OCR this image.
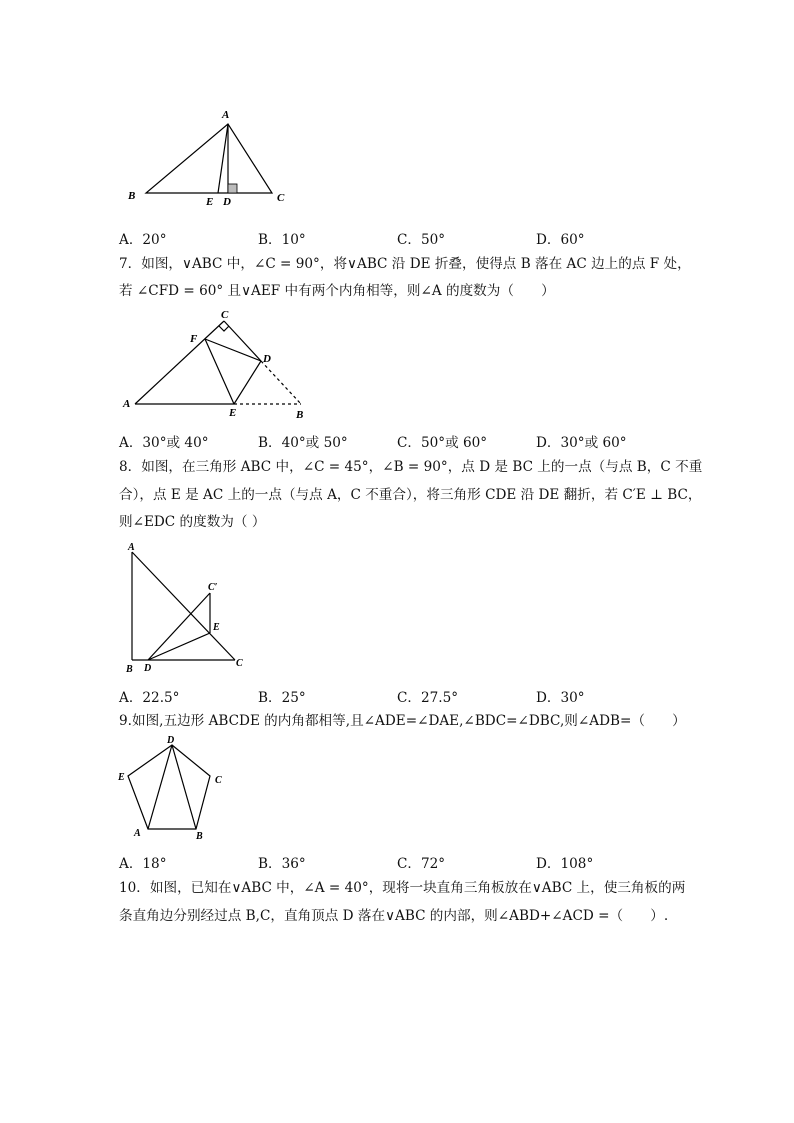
A
B	E D	C
A．20°	B．10°	C．50°	D．60°
7．如图，∨ABC 中，∠C = 90°，将∨ABC 沿 DE 折叠，使得点 B 落在 AC 边上的点 F 处，
若 ∠CFD = 60° 且∨AEF 中有两个内角相等，则∠A 的度数为（　　）
C
F
D
A
E	B
A．30°或 40°	B．40°或 50°	C．50°或 60°	D．30°或 60°
8．如图，在三角形 ABC 中，∠C = 45°，∠B = 90°，点 D 是 BC 上的一点（与点 B，C 不重
合），点 E 是 AC 上的一点（与点 A，C 不重合），将三角形 CDE 沿 DE 翻折，若 C′E ⊥ BC，
则∠EDC 的度数为（ ）
A
C′
E
B D	C
A．22.5°	B．25°	C．27.5°	D．30°
9.如图,五边形 ABCDE 的内角都相等,且∠ADE=∠DAE,∠BDC=∠DBC,则∠ADB=（　　）
D
E	C
A	B
A．18°	B．36°	C．72°	D．108°
10．如图，已知在∨ABC 中，∠A = 40°，现将一块直角三角板放在∨ABC 上，使三角板的两
条直角边分别经过点 B,C，直角顶点 D 落在∨ABC 的内部，则∠ABD+∠ACD =（　　）.
